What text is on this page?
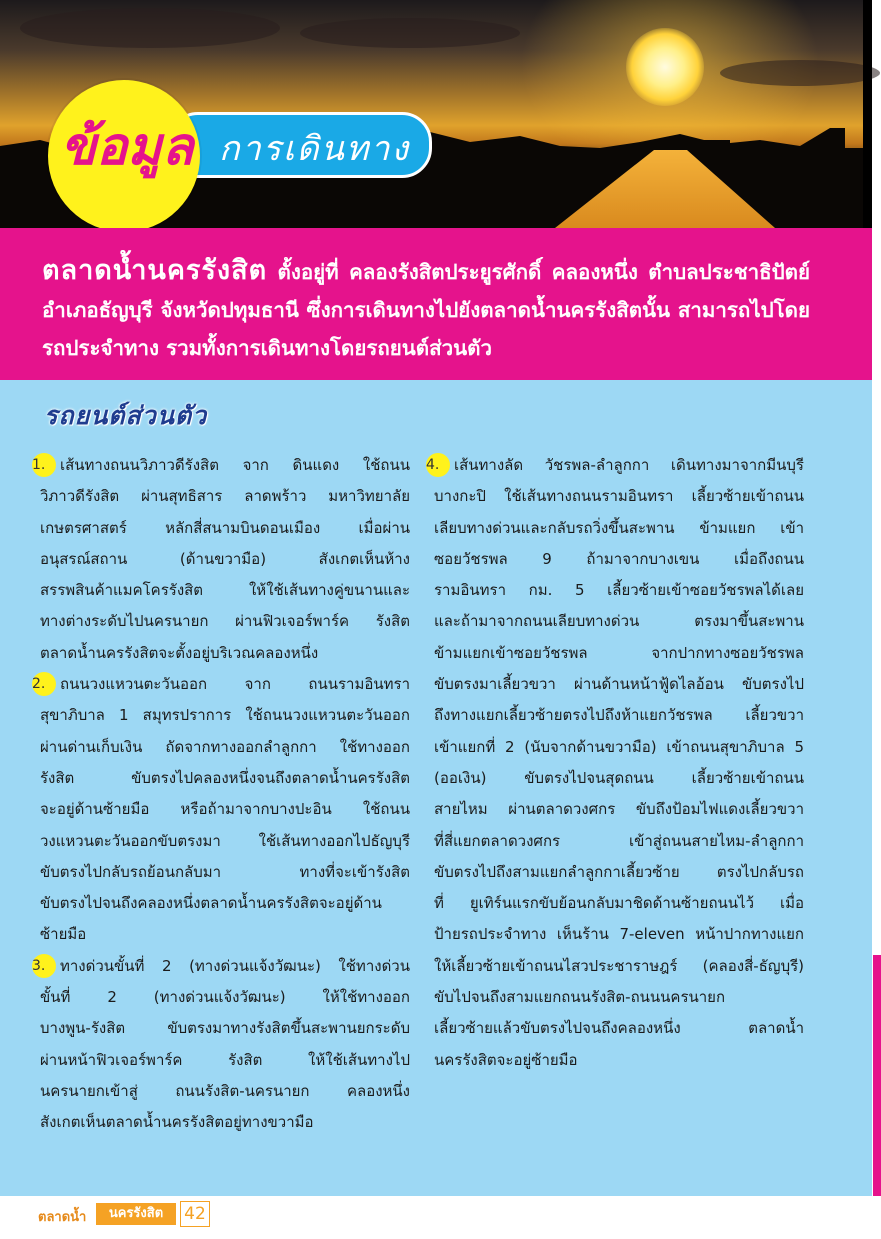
การเดินทาง
ข้อมูล

ตลาดน้ำนครรังสิต ตั้งอยู่ที่ คลองรังสิตประยูรศักดิ์ คลองหนึ่ง ตำบลประชาธิปัตย์ อำเภอธัญบุรี จังหวัดปทุมธานี ซึ่งการเดินทางไปยังตลาดน้ำนครรังสิตนั้น สามารถไปโดยรถประจำทาง รวมทั้งการเดินทางโดยรถยนต์ส่วนตัว

รถยนต์ส่วนตัว
1. เส้นทางถนนวิภาวดีรังสิต จาก ดินแดง ใช้ถนน
วิภาวดีรังสิต ผ่านสุทธิสาร ลาดพร้าว มหาวิทยาลัย
เกษตรศาสตร์ หลักสี่สนามบินดอนเมือง เมื่อผ่าน
อนุสรณ์สถาน (ด้านขวามือ) สังเกตเห็นห้าง
สรรพสินค้าแมคโครรังสิต ให้ใช้เส้นทางคู่ขนานและ
ทางต่างระดับไปนครนายก ผ่านฟิวเจอร์พาร์ค รังสิต
ตลาดน้ำนครรังสิตจะตั้งอยู่บริเวณคลองหนึ่ง
2. ถนนวงแหวนตะวันออก จาก ถนนรามอินทรา
สุขาภิบาล 1 สมุทรปราการ ใช้ถนนวงแหวนตะวันออก
ผ่านด่านเก็บเงิน ถัดจากทางออกลำลูกกา ใช้ทางออก
รังสิต ขับตรงไปคลองหนึ่งจนถึงตลาดน้ำนครรังสิต
จะอยู่ด้านซ้ายมือ หรือถ้ามาจากบางปะอิน ใช้ถนน
วงแหวนตะวันออกขับตรงมา ใช้เส้นทางออกไปธัญบุรี
ขับตรงไปกลับรถย้อนกลับมา ทางที่จะเข้ารังสิต
ขับตรงไปจนถึงคลองหนึ่งตลาดน้ำนครรังสิตจะอยู่ด้าน
ซ้ายมือ
3. ทางด่วนขั้นที่ 2 (ทางด่วนแจ้งวัฒนะ) ใช้ทางด่วน
ขั้นที่ 2 (ทางด่วนแจ้งวัฒนะ) ให้ใช้ทางออก
บางพูน-รังสิต ขับตรงมาทางรังสิตขึ้นสะพานยกระดับ
ผ่านหน้าฟิวเจอร์พาร์ค รังสิต ให้ใช้เส้นทางไป
นครนายกเข้าสู่ ถนนรังสิต-นครนายก คลองหนึ่ง
สังเกตเห็นตลาดน้ำนครรังสิตอยู่ทางขวามือ
4. เส้นทางลัด วัชรพล-ลำลูกกา เดินทางมาจากมีนบุรี
บางกะปิ ใช้เส้นทางถนนรามอินทรา เลี้ยวซ้ายเข้าถนน
เลียบทางด่วนและกลับรถวิ่งขึ้นสะพาน ข้ามแยก เข้า
ซอยวัชรพล 9 ถ้ามาจากบางเขน เมื่อถึงถนน
รามอินทรา กม. 5 เลี้ยวซ้ายเข้าซอยวัชรพลได้เลย
และถ้ามาจากถนนเลียบทางด่วน ตรงมาขึ้นสะพาน
ข้ามแยกเข้าซอยวัชรพล จากปากทางซอยวัชรพล
ขับตรงมาเลี้ยวขวา ผ่านด้านหน้าฟู้ดไลอ้อน ขับตรงไป
ถึงทางแยกเลี้ยวซ้ายตรงไปถึงห้าแยกวัชรพล เลี้ยวขวา
เข้าแยกที่ 2 (นับจากด้านขวามือ) เข้าถนนสุขาภิบาล 5
(ออเงิน) ขับตรงไปจนสุดถนน เลี้ยวซ้ายเข้าถนน
สายไหม ผ่านตลาดวงศกร ขับถึงป้อมไฟแดงเลี้ยวขวา
ที่สี่แยกตลาดวงศกร เข้าสู่ถนนสายไหม-ลำลูกกา
ขับตรงไปถึงสามแยกลำลูกกาเลี้ยวซ้าย ตรงไปกลับรถ
ที่ ยูเทิร์นแรกขับย้อนกลับมาชิดด้านซ้ายถนนไว้ เมื่อ
ป้ายรถประจำทาง เห็นร้าน 7-eleven หน้าปากทางแยก
ให้เลี้ยวซ้ายเข้าถนนไสวประชาราษฎร์ (คลองสี่-ธัญบุรี)
ขับไปจนถึงสามแยกถนนรังสิต-ถนนนครนายก
เลี้ยวซ้ายแล้วขับตรงไปจนถึงคลองหนึ่ง ตลาดน้ำ
นครรังสิตจะอยู่ซ้ายมือ
ตลาดน้ำ	นครรังสิต	42
